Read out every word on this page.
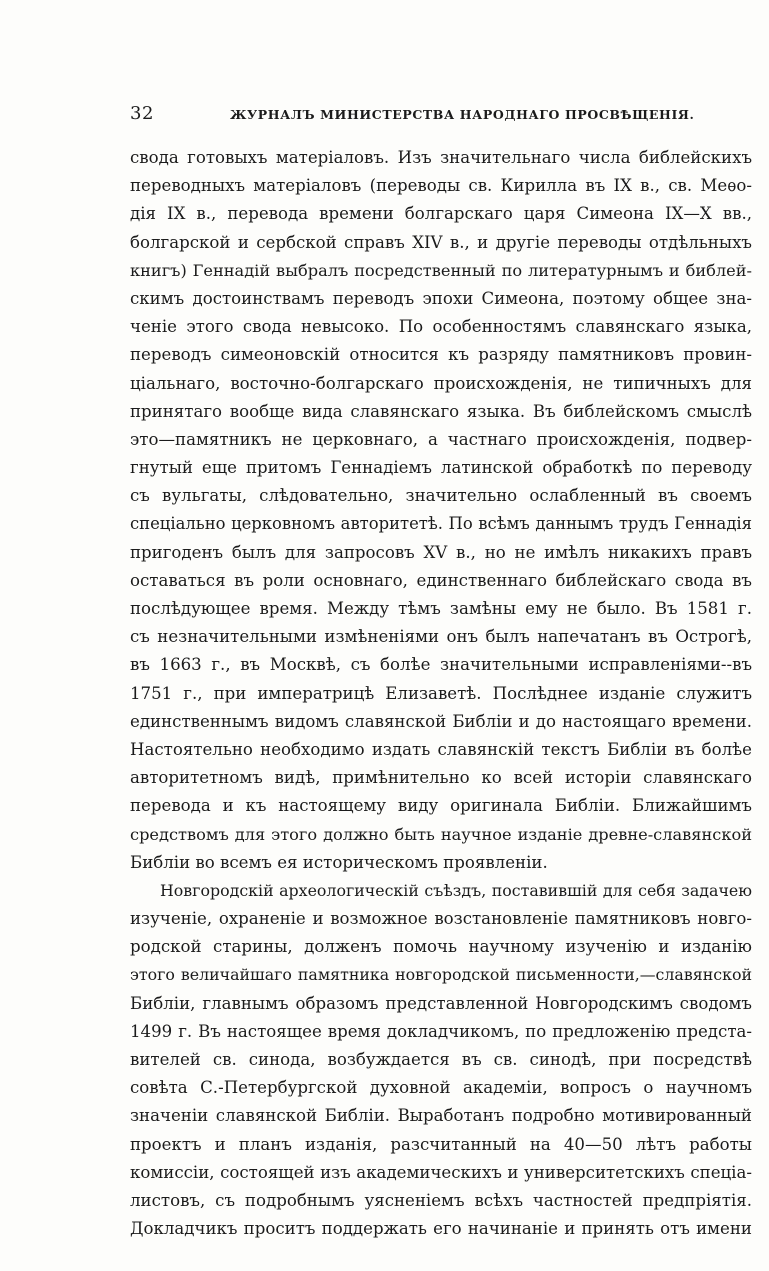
32	ЖУРНАЛЪ МИНИСТЕРСТВА НАРОДНАГО ПРОСВѢЩЕНІЯ.
свода готовыхъ матеріаловъ. Изъ значительнаго числа библейскихъ
переводныхъ матеріаловъ (переводы св. Кирилла въ IX в., св. Меѳо-
дія IX в., перевода времени болгарскаго царя Симеона IX—X вв.,
болгарской и сербской справъ XIV в., и другіе переводы отдѣльныхъ
книгъ) Геннадій выбралъ посредственный по литературнымъ и библей-
скимъ достоинствамъ переводъ эпохи Симеона, поэтому общее зна-
ченіе этого свода невысоко. По особенностямъ славянскаго языка,
переводъ симеоновскій относится къ разряду памятниковъ провин-
ціальнаго, восточно-болгарскаго происхожденія, не типичныхъ для
принятаго вообще вида славянскаго языка. Въ библейскомъ смыслѣ
это—памятникъ не церковнаго, а частнаго происхожденія, подвер-
гнутый еще притомъ Геннадіемъ латинской обработкѣ по переводу
съ вульгаты, слѣдовательно, значительно ослабленный въ своемъ
спеціально церковномъ авторитетѣ. По всѣмъ даннымъ трудъ Геннадія
пригоденъ былъ для запросовъ XV в., но не имѣлъ никакихъ правъ
оставаться въ роли основнаго, единственнаго библейскаго свода въ
послѣдующее время. Между тѣмъ замѣны ему не было. Въ 1581 г.
съ незначительными измѣненіями онъ былъ напечатанъ въ Острогѣ,
въ 1663 г., въ Москвѣ, съ болѣе значительными исправленіями--въ
1751 г., при императрицѣ Елизаветѣ. Послѣднее изданіе служитъ
единственнымъ видомъ славянской Библіи и до настоящаго времени.
Настоятельно необходимо издать славянскій текстъ Библіи въ болѣе
авторитетномъ видѣ, примѣнительно ко всей исторіи славянскаго
перевода и къ настоящему виду оригинала Библіи. Ближайшимъ
средствомъ для этого должно быть научное изданіе древне-славянской
Библіи во всемъ ея историческомъ проявленіи.
Новгородскій археологическій съѣздъ, поставившій для себя задачею
изученіе, охраненіе и возможное возстановленіе памятниковъ новго-
родской старины, долженъ помочь научному изученію и изданію
этого величайшаго памятника новгородской письменности,—славянской
Библіи, главнымъ образомъ представленной Новгородскимъ сводомъ
1499 г. Въ настоящее время докладчикомъ, по предложенію предста-
вителей св. синода, возбуждается въ св. синодѣ, при посредствѣ
совѣта С.-Петербургской духовной академіи, вопросъ о научномъ
значеніи славянской Библіи. Выработанъ подробно мотивированный
проектъ и планъ изданія, разсчитанный на 40—50 лѣтъ работы
комиссіи, состоящей изъ академическихъ и университетскихъ спеціа-
листовъ, съ подробнымъ уясненіемъ всѣхъ частностей предпріятія.
Докладчикъ проситъ поддержать его начинаніе и принять отъ имени
